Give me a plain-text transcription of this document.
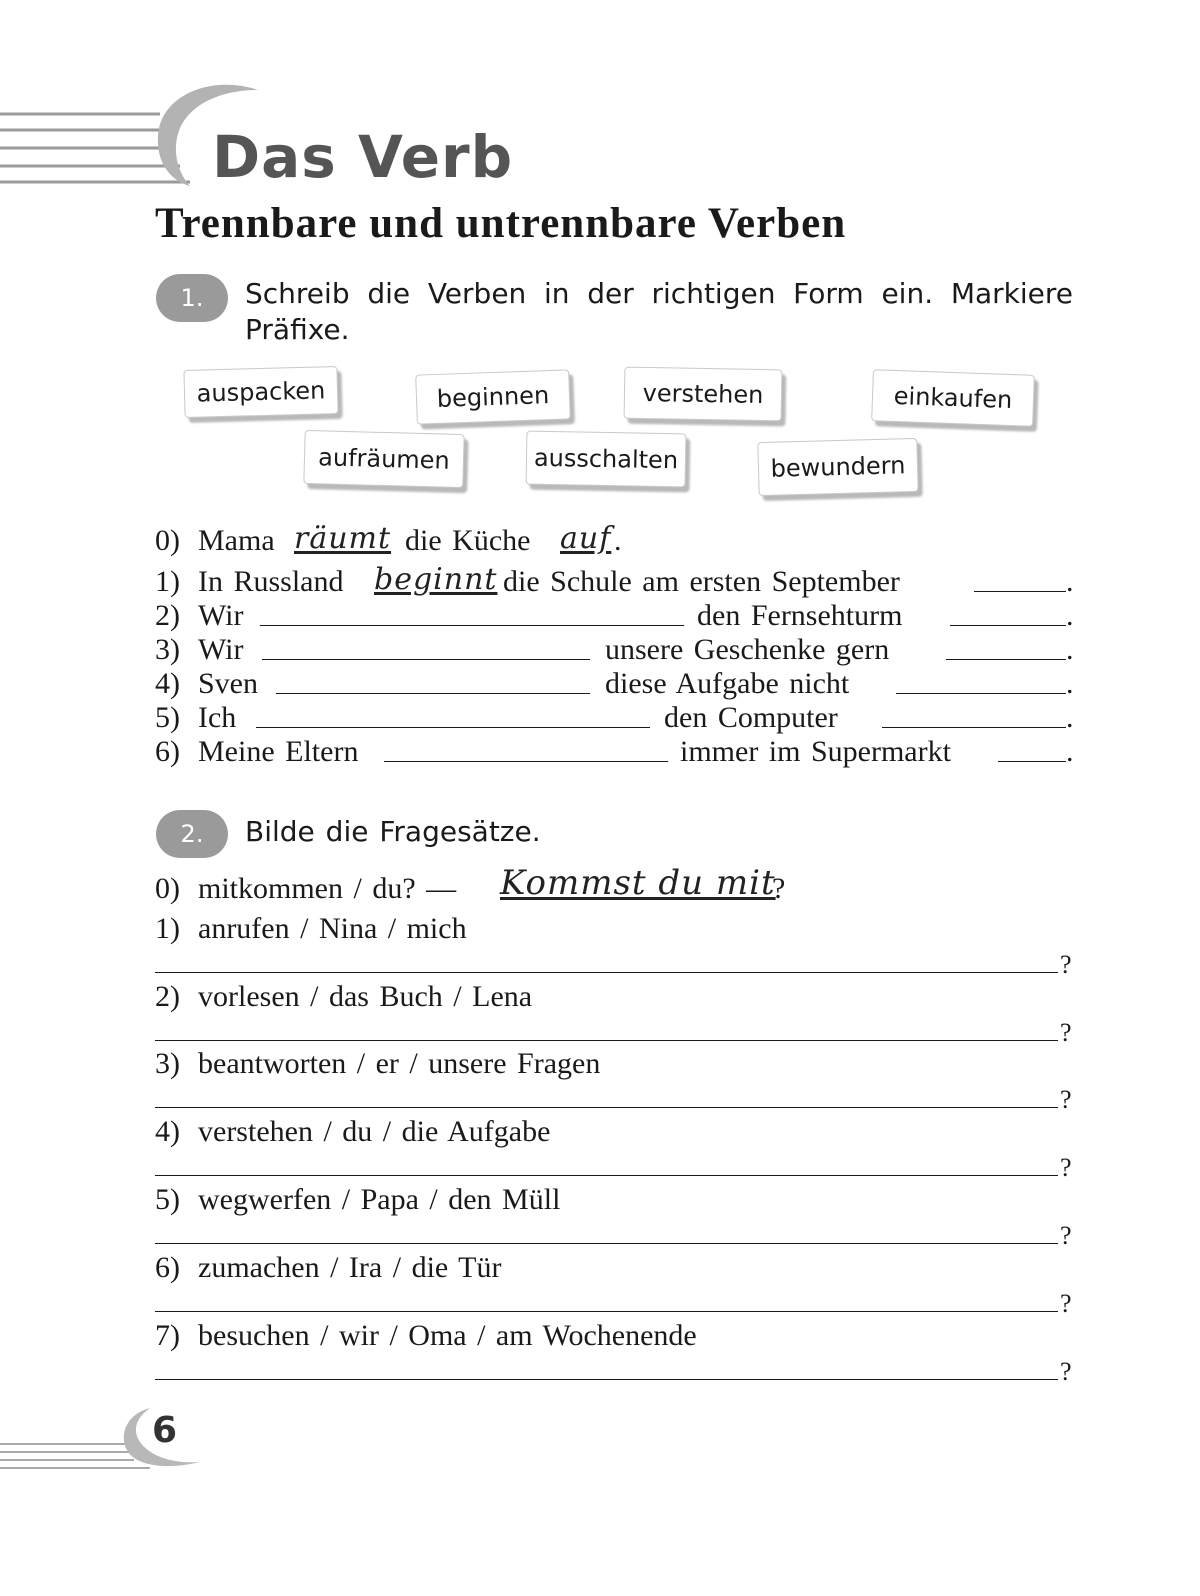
Das Verb
Trennbare und untrennbare Verben
1.	Schreib die Verben in der richtigen Form ein. Markiere Präfixe.
auspacken	beginnen	verstehen	einkaufen
aufräumen	ausschalten	bewundern
0) Mama räumt die Küche auf .
1) In Russland beginnt die Schule am ersten September	.
2) Wir	den Fernsehturm	.
3) Wir	unsere Geschenke gern	.
4) Sven	diese Aufgabe nicht	.
5) Ich	den Computer	.
6) Meine Eltern	immer im Supermarkt	.
2.	Bilde die Fragesätze.
0) mitkommen / du? — Kommst du mit
?
1) anrufen / Nina / mich
?
2) vorlesen / das Buch / Lena
?
3) beantworten / er / unsere Fragen
?
4) verstehen / du / die Aufgabe
?
5) wegwerfen / Papa / den Müll
?
6) zumachen / Ira / die Tür
?
7) besuchen / wir / Oma / am Wochenende
?
6
